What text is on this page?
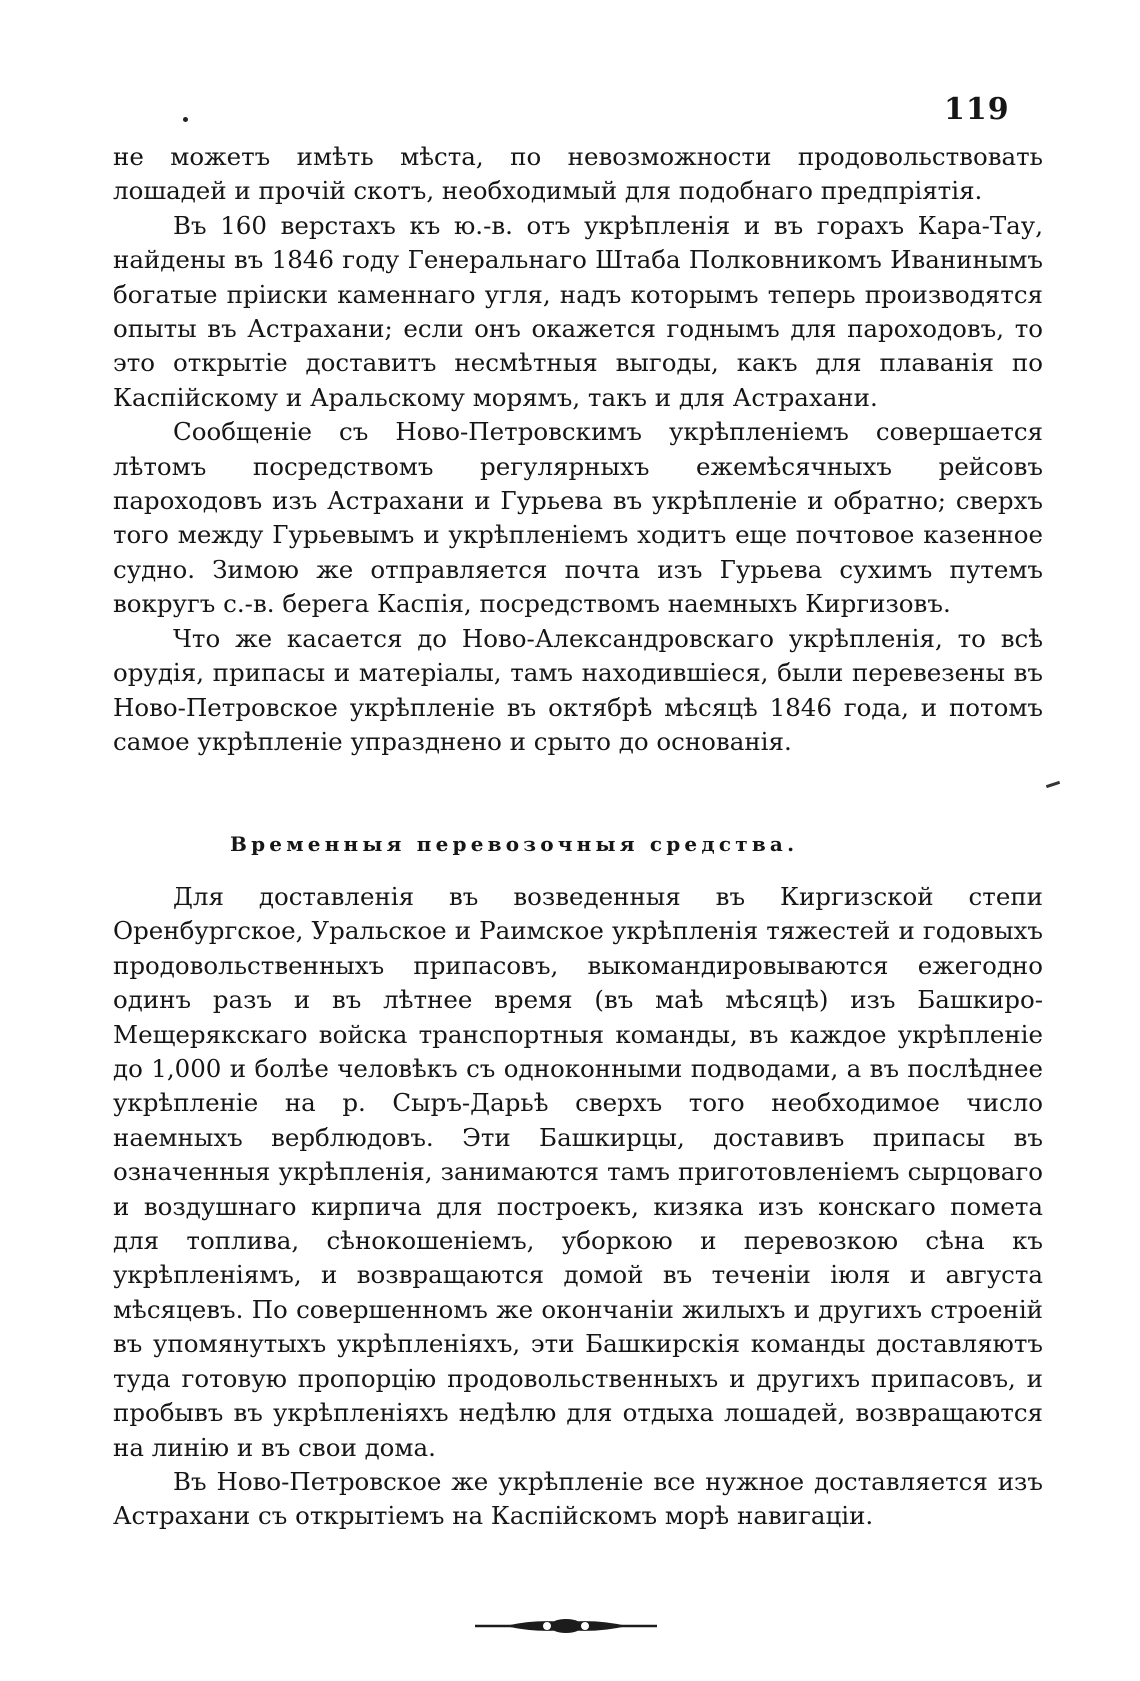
119

не можетъ имѣть мѣста, по невозможности продовольствовать лошадей и прочій скотъ, необходимый для подобнаго предпріятія.

Въ 160 верстахъ къ ю.-в. отъ укрѣпленія и въ горахъ Кара-Тау, найдены въ 1846 году Генеральнаго Штаба Полковникомъ Иванинымъ богатые пріиски каменнаго угля, надъ которымъ теперь производятся опыты въ Астрахани; если онъ окажется годнымъ для пароходовъ, то это открытіе доставитъ несмѣтныя выгоды, какъ для плаванія по Каспійскому и Аральскому морямъ, такъ и для Астрахани.

Сообщеніе съ Ново-Петровскимъ укрѣпленіемъ совершается лѣтомъ посредствомъ регулярныхъ ежемѣсячныхъ рейсовъ пароходовъ изъ Астрахани и Гурьева въ укрѣпленіе и обратно; сверхъ того между Гурьевымъ и укрѣпленіемъ ходитъ еще почтовое казенное судно. Зимою же отправляется почта изъ Гурьева сухимъ путемъ вокругъ с.-в. берега Каспія, посредствомъ наемныхъ Киргизовъ.

Что же касается до Ново-Александровскаго укрѣпленія, то всѣ орудія, припасы и матеріалы, тамъ находившіеся, были перевезены въ Ново-Петровское укрѣпленіе въ октябрѣ мѣсяцѣ 1846 года, и потомъ самое укрѣпленіе упразднено и срыто до основанія.

Временныя перевозочныя средства.

Для доставленія въ возведенныя въ Киргизской степи Оренбургское, Уральское и Раимское укрѣпленія тяжестей и годовыхъ продовольственныхъ припасовъ, выкомандировываются ежегодно одинъ разъ и въ лѣтнее время (въ маѣ мѣсяцѣ) изъ Башкиро-Мещерякскаго войска транспортныя команды, въ каждое укрѣпленіе до 1,000 и болѣе человѣкъ съ одноконными подводами, а въ послѣднее укрѣпленіе на р. Сыръ-Дарьѣ сверхъ того необходимое число наемныхъ верблюдовъ. Эти Башкирцы, доставивъ припасы въ означенныя укрѣпленія, занимаются тамъ приготовленіемъ сырцоваго и воздушнаго кирпича для построекъ, кизяка изъ конскаго помета для топлива, сѣнокошеніемъ, уборкою и перевозкою сѣна къ укрѣпленіямъ, и возвращаются домой въ теченіи іюля и августа мѣсяцевъ. По совершенномъ же окончаніи жилыхъ и другихъ строеній въ упомянутыхъ укрѣпленіяхъ, эти Башкирскія команды доставляютъ туда готовую пропорцію продовольственныхъ и другихъ припасовъ, и пробывъ въ укрѣпленіяхъ недѣлю для отдыха лошадей, возвращаются на линію и въ свои дома.

Въ Ново-Петровское же укрѣпленіе все нужное доставляется изъ Астрахани съ открытіемъ на Каспійскомъ морѣ навигаціи.
